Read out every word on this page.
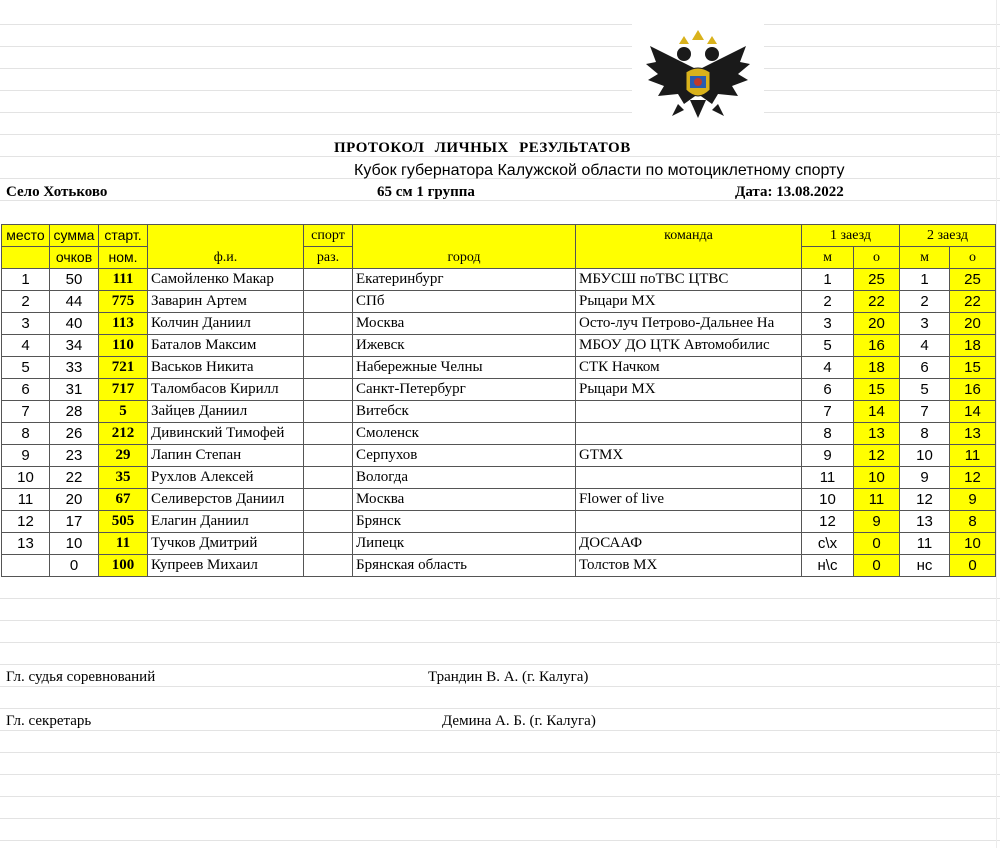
ПРОТОКОЛ ЛИЧНЫХ РЕЗУЛЬТАТОВ
Кубок губернатора Калужской области по мотоциклетному спорту
Село Хотьково	65 см 1 группа	Дата: 13.08.2022
место	сумма	старт.	ф.и.	спорт	город	команда	1 заезд		2 заезд	
	очков	ном.		раз.			м	о	м	о
1	50	111	Самойленко Макар		Екатеринбург	МБУСШ поТВС ЦТВС	1	25	1	25
2	44	775	Заварин Артем		СПб	Рыцари МХ	2	22	2	22
3	40	113	Колчин Даниил		Москва	Осто-луч Петрово-Дальнее На	3	20	3	20
4	34	110	Баталов Максим		Ижевск	МБОУ ДО ЦТК Автомобилис	5	16	4	18
5	33	721	Васьков Никита		Набережные Челны	СТК Начком	4	18	6	15
6	31	717	Таломбасов Кирилл		Санкт-Петербург	Рыцари МХ	6	15	5	16
7	28	5	Зайцев Даниил		Витебск		7	14	7	14
8	26	212	Дивинский Тимофей		Смоленск		8	13	8	13
9	23	29	Лапин Степан		Серпухов	GTMX	9	12	10	11
10	22	35	Рухлов Алексей		Вологда		11	10	9	12
11	20	67	Селиверстов Даниил		Москва	Flower of live	10	11	12	9
12	17	505	Елагин Даниил		Брянск		12	9	13	8
13	10	11	Тучков Дмитрий		Липецк	ДОСААФ	с\х	0	11	10
	0	100	Купреев Михаил		Брянская область	Толстов МХ	н\с	0	нс	0
Гл. судья соревнований	Трандин В. А. (г. Калуга)
Гл. секретарь	Демина А. Б. (г. Калуга)
